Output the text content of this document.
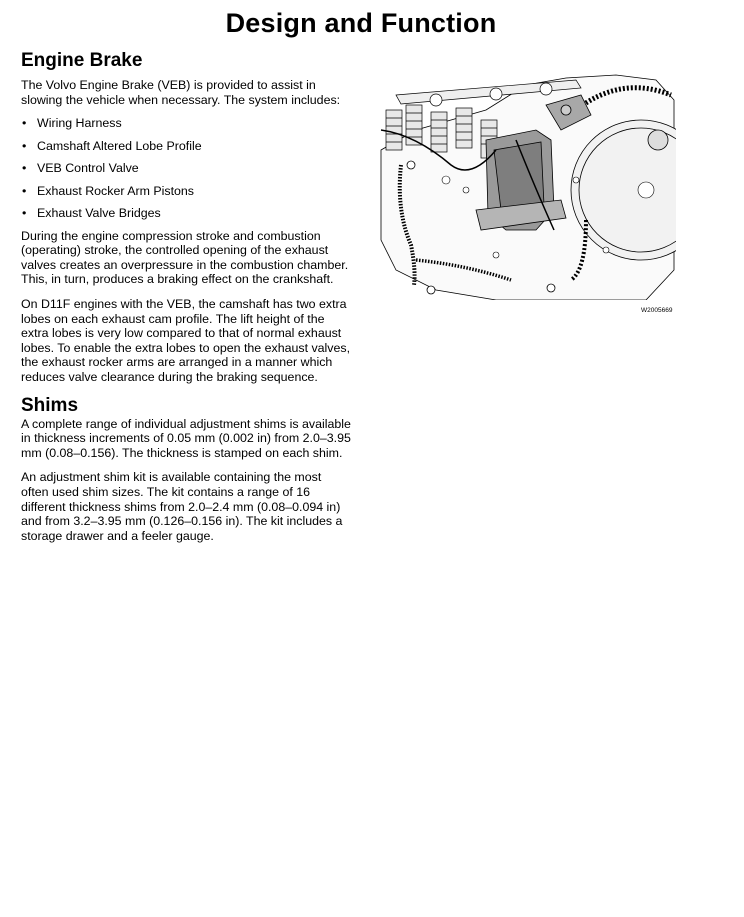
Design and Function
Engine Brake

The Volvo Engine Brake (VEB) is provided to assist in slowing the vehicle when necessary. The system includes:

• Wiring Harness
• Camshaft Altered Lobe Profile
• VEB Control Valve
• Exhaust Rocker Arm Pistons
• Exhaust Valve Bridges

During the engine compression stroke and combustion (operating) stroke, the controlled opening of the exhaust valves creates an overpressure in the combustion chamber. This, in turn, produces a braking effect on the crankshaft.

On D11F engines with the VEB, the camshaft has two extra lobes on each exhaust cam profile. The lift height of the extra lobes is very low compared to that of normal exhaust lobes. To enable the extra lobes to open the exhaust valves, the exhaust rocker arms are arranged in a manner which reduces valve clearance during the braking sequence.

Shims

A complete range of individual adjustment shims is available in thickness increments of 0.05 mm (0.002 in) from 2.0–3.95 mm (0.08–0.156). The thickness is stamped on each shim.

An adjustment shim kit is available containing the most often used shim sizes. The kit contains a range of 16 different thickness shims from 2.0–2.4 mm (0.08–0.094 in) and from 3.2–3.95 mm (0.126–0.156 in). The kit includes a storage drawer and a feeler gauge.

W2005669
